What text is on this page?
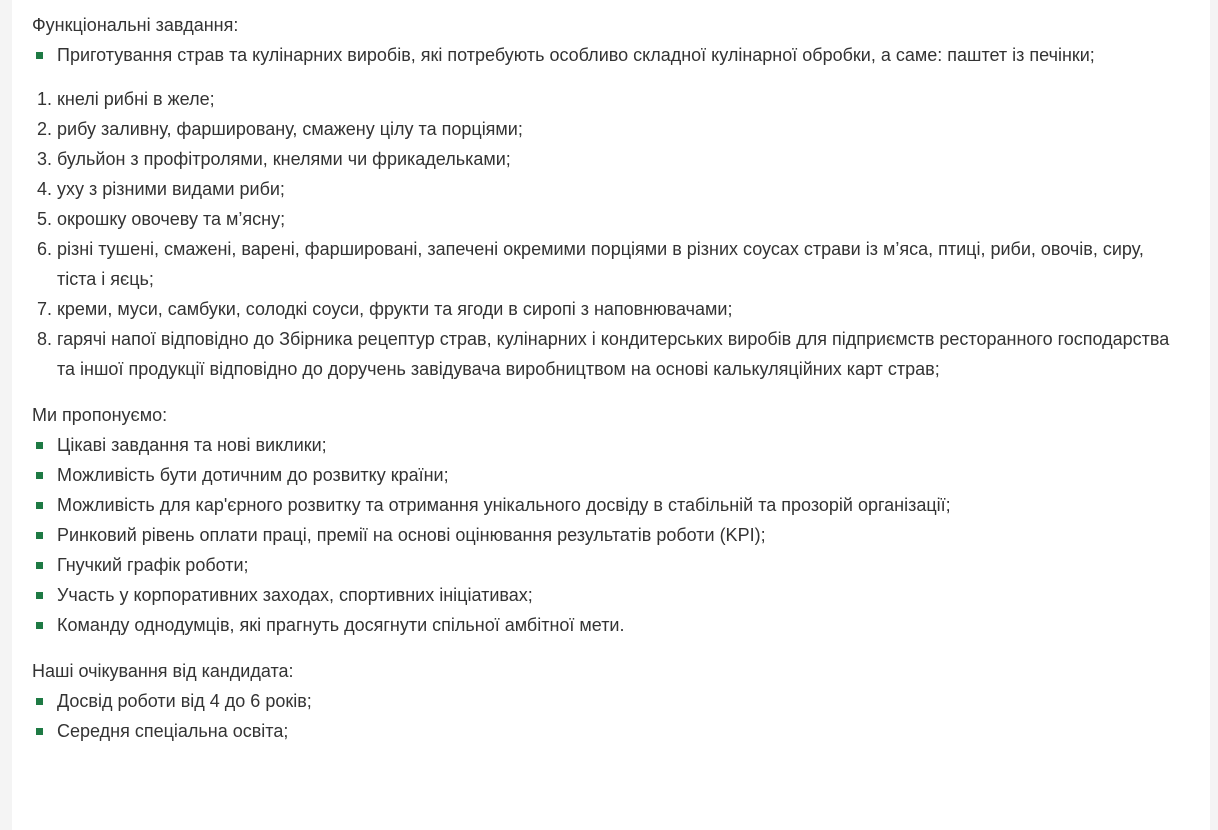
Функціональні завдання:
Приготування страв та кулінарних виробів, які потребують особливо складної кулінарної обробки, а саме: паштет із печінки;
1. кнелі рибні в желе;
2. рибу заливну, фаршировану, смажену цілу та порціями;
3. бульйон з профітролями, кнелями чи фрикадельками;
4. уху з різними видами риби;
5. окрошку овочеву та м’ясну;
6. різні тушені, смажені, варені, фаршировані, запечені окремими порціями в різних соусах страви із м’яса, птиці, риби, овочів, сиру, тіста і яєць;
7. креми, муси, самбуки, солодкі соуси, фрукти та ягоди в сиропі з наповнювачами;
8. гарячі напої відповідно до Збірника рецептур страв, кулінарних і кондитерських виробів для підприємств ресторанного господарства та іншої продукції відповідно до доручень завідувача виробництвом на основі калькуляційних карт страв;
Ми пропонуємо:
Цікаві завдання та нові виклики;
Можливість бути дотичним до розвитку країни;
Можливість для кар'єрного розвитку та отримання унікального досвіду в стабільній та прозорій організації;
Ринковий рівень оплати праці, премії на основі оцінювання результатів роботи (KPI);
Гнучкий графік роботи;
Участь у корпоративних заходах, спортивних ініціативах;
Команду однодумців, які прагнуть досягнути спільної амбітної мети.
Наші очікування від кандидата:
Досвід роботи від 4 до 6 років;
Середня спеціальна освіта;
